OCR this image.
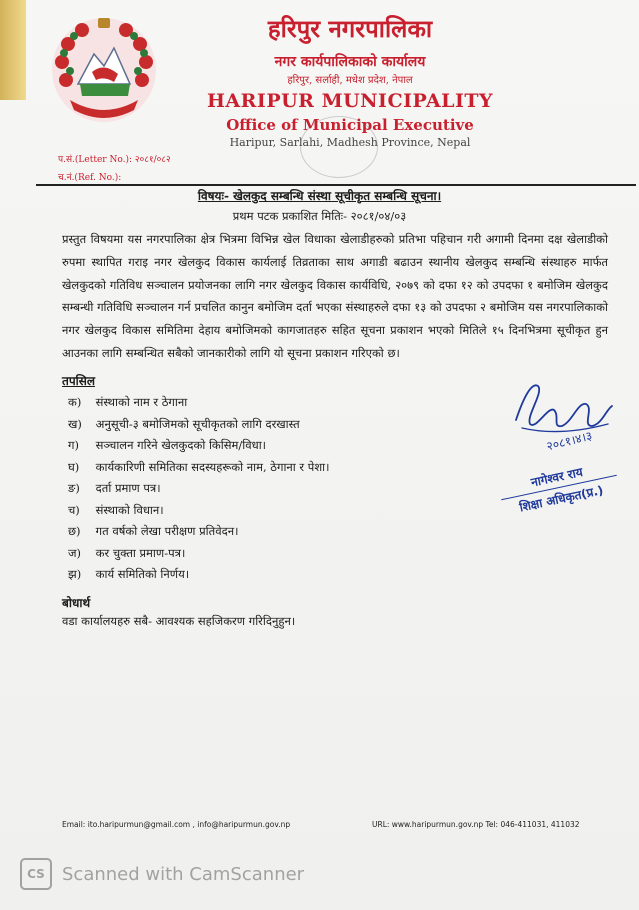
हरिपुर नगरपालिका
नगर कार्यपालिकाको कार्यालय
हरिपुर, सर्लाही, मधेश प्रदेश, नेपाल
HARIPUR MUNICIPALITY
Office of Municipal Executive
Haripur, Sarlahi, Madhesh Province, Nepal
प.सं.(Letter No.): २०८१/०८२
च.नं.(Ref. No.):
विषयः- खेलकुद सम्बन्धि संस्था सूचीकृत सम्बन्धि सूचना।
प्रथम पटक प्रकाशित मितिः- २०८१/०४/०३
प्रस्तुत विषयमा यस नगरपालिका क्षेत्र भित्रमा विभिन्न खेल विधाका खेलाडीहरुको प्रतिभा पहिचान गरी अगामी दिनमा दक्ष खेलाडीको रुपमा स्थापित गराइ नगर खेलकुद विकास कार्यलाई तिव्रताका साथ अगाडी बढाउन स्थानीय खेलकुद सम्बन्धि संस्थाहरु मार्फत खेलकुदको गतिविध सञ्चालन प्रयोजनका लागि नगर खेलकुद विकास कार्यविधि, २०७९ को दफा १२ को उपदफा १ बमोजिम खेलकुद सम्बन्धी गतिविधि सञ्चालन गर्न प्रचलित कानुन बमोजिम दर्ता भएका संस्थाहरुले दफा १३ को उपदफा २ बमोजिम यस नगरपालिकाको नगर खेलकुद विकास समितिमा देहाय बमोजिमको कागजातहरु सहित सूचना प्रकाशन भएको मितिले १५ दिनभित्रमा सूचीकृत हुन आउनका लागि सम्बन्धित सबैको जानकारीको लागि यो सूचना प्रकाशन गरिएको छ।
तपसिल
क) संस्थाको नाम र ठेगाना
ख) अनुसूची-३ बमोजिमको सूचीकृतको लागि दरखास्त
ग) सञ्चालन गरिने खेलकुदको किसिम/विधा।
घ) कार्यकारिणी समितिका सदस्यहरूको नाम, ठेगाना र पेशा।
ङ) दर्ता प्रमाण पत्र।
च) संस्थाको विधान।
छ) गत वर्षको लेखा परीक्षण प्रतिवेदन।
ज) कर चुक्ता प्रमाण-पत्र।
झ) कार्य समितिको निर्णय।
२०८१।४।३
नागेश्वर राय
शिक्षा अधिकृत(प्र.)
बोधार्थ
वडा कार्यालयहरु सबै- आवश्यक सहजिकरण गरिदिनुहुन।
Email: ito.haripurmun@gmail.com , info@haripurmun.gov.np	URL: www.haripurmun.gov.np Tel: 046-411031, 411032
CS Scanned with CamScanner
